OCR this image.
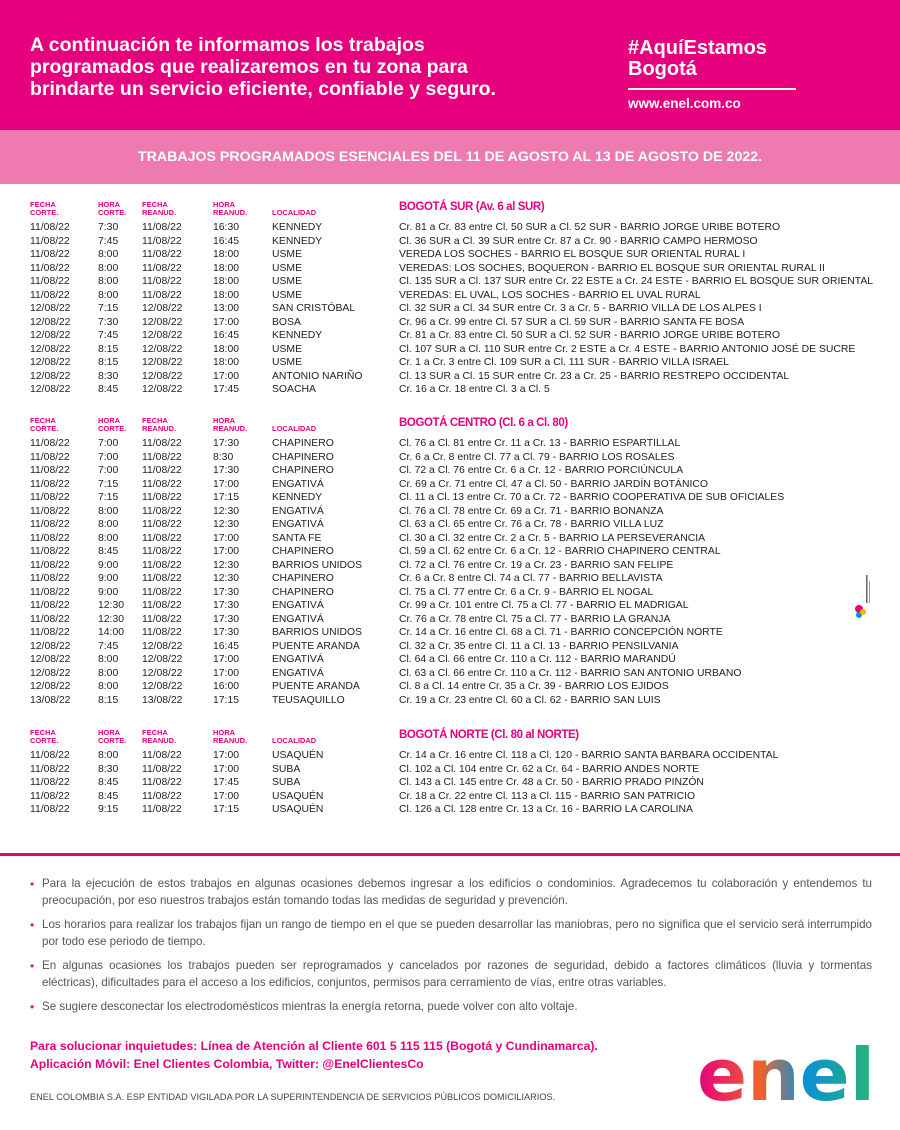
A continuación te informamos los trabajos
programados que realizaremos en tu zona para
brindarte un servicio eficiente, confiable y seguro.
#AquíEstamos
Bogotá
www.enel.com.co
TRABAJOS PROGRAMADOS ESENCIALES DEL 11 DE AGOSTO AL 13 DE AGOSTO DE 2022.
FECHA
CORTE.
HORA
CORTE.
FECHA
REANUD.
HORA
REANUD.	LOCALIDAD	BOGOTÁ SUR (Av. 6 al SUR)
11/08/22	7:30 11/08/22	16:30	KENNEDY	Cr. 81 a Cr. 83 entre Cl. 50 SUR a Cl. 52 SUR - BARRIO JORGE URIBE BOTERO
11/08/22	7:45 11/08/22	16:45	KENNEDY	Cl. 36 SUR a Cl. 39 SUR entre Cr. 87 a Cr. 90 - BARRIO CAMPO HERMOSO
11/08/22	8:00 11/08/22	18:00	USME	VEREDA LOS SOCHES - BARRIO EL BOSQUE SUR ORIENTAL RURAL I
11/08/22	8:00 11/08/22	18:00	USME	VEREDAS: LOS SOCHES, BOQUERON - BARRIO EL BOSQUE SUR ORIENTAL RURAL II
11/08/22	8:00 11/08/22	18:00	USME	Cl. 135 SUR a Cl. 137 SUR entre Cr. 22 ESTE a Cr. 24 ESTE - BARRIO EL BOSQUE SUR ORIENTAL
11/08/22	8:00 11/08/22	18:00	USME	VEREDAS: EL UVAL, LOS SOCHES - BARRIO EL UVAL RURAL
12/08/22	7:15 12/08/22	13:00	SAN CRISTÓBAL	Cl. 32 SUR a Cl. 34 SUR entre Cr. 3 a Cr. 5 - BARRIO VILLA DE LOS ALPES I
12/08/22	7:30 12/08/22	17:00	BOSA	Cr. 96 a Cr. 99 entre Cl. 57 SUR a Cl. 59 SUR - BARRIO SANTA FE BOSA
12/08/22	7:45 12/08/22	16:45	KENNEDY	Cr. 81 a Cr. 83 entre Cl. 50 SUR a Cl. 52 SUR - BARRIO JORGE URIBE BOTERO
12/08/22	8:15 12/08/22	18:00	USME	Cl. 107 SUR a Cl. 110 SUR entre Cr. 2 ESTE a Cr. 4 ESTE - BARRIO ANTONIO JOSÉ DE SUCRE
12/08/22	8:15 12/08/22	18:00	USME	Cr. 1 a Cr. 3 entre Cl. 109 SUR a Cl. 111 SUR - BARRIO VILLA ISRAEL
12/08/22	8:30 12/08/22	17:00	ANTONIO NARIÑO	Cl. 13 SUR a Cl. 15 SUR entre Cr. 23 a Cr. 25 - BARRIO RESTREPO OCCIDENTAL
12/08/22	8:45 12/08/22	17:45	SOACHA	Cr. 16 a Cr. 18 entre Cl. 3 a Cl. 5
FECHA
CORTE.
HORA
CORTE.
FECHA
REANUD.
HORA
REANUD.	LOCALIDAD	BOGOTÁ CENTRO (Cl. 6 a Cl. 80)
11/08/22	7:00 11/08/22	17:30	CHAPINERO	Cl. 76 a Cl. 81 entre Cr. 11 a Cr. 13 - BARRIO ESPARTILLAL
11/08/22	7:00 11/08/22	8:30	CHAPINERO	Cr. 6 a Cr. 8 entre Cl. 77 a Cl. 79 - BARRIO LOS ROSALES
11/08/22	7:00 11/08/22	17:30	CHAPINERO	Cl. 72 a Cl. 76 entre Cr. 6 a Cr. 12 - BARRIO PORCIÚNCULA
11/08/22	7:15 11/08/22	17:00	ENGATIVÁ	Cr. 69 a Cr. 71 entre Cl. 47 a Cl. 50 - BARRIO JARDÍN BOTÁNICO
11/08/22	7:15 11/08/22	17:15	KENNEDY	Cl. 11 a Cl. 13 entre Cr. 70 a Cr. 72 - BARRIO COOPERATIVA DE SUB OFICIALES
11/08/22	8:00 11/08/22	12:30	ENGATIVÁ	Cl. 76 a Cl. 78 entre Cr. 69 a Cr. 71 - BARRIO BONANZA
11/08/22	8:00 11/08/22	12:30	ENGATIVÁ	Cl. 63 a Cl. 65 entre Cr. 76 a Cr. 78 - BARRIO VILLA LUZ
11/08/22	8:00 11/08/22	17:00	SANTA FE	Cl. 30 a Cl. 32 entre Cr. 2 a Cr. 5 - BARRIO LA PERSEVERANCIA
11/08/22	8:45 11/08/22	17:00	CHAPINERO	Cl. 59 a Cl. 62 entre Cr. 6 a Cr. 12 - BARRIO CHAPINERO CENTRAL
11/08/22	9:00 11/08/22	12:30	BARRIOS UNIDOS	Cl. 72 a Cl. 76 entre Cr. 19 a Cr. 23 - BARRIO SAN FELIPE
11/08/22	9:00 11/08/22	12:30	CHAPINERO	Cr. 6 a Cr. 8 entre Cl. 74 a Cl. 77 - BARRIO BELLAVISTA
11/08/22	9:00 11/08/22	17:30	CHAPINERO	Cl. 75 a Cl. 77 entre Cr. 6 a Cr. 9 - BARRIO EL NOGAL
11/08/22	12:30 11/08/22	17:30	ENGATIVÁ	Cr. 99 a Cr. 101 entre Cl. 75 a Cl. 77 - BARRIO EL MADRIGAL
11/08/22	12:30 11/08/22	17:30	ENGATIVÁ	Cr. 76 a Cr. 78 entre Cl. 75 a Cl. 77 - BARRIO LA GRANJA
11/08/22	14:00 11/08/22	17:30	BARRIOS UNIDOS	Cr. 14 a Cr. 16 entre Cl. 68 a Cl. 71 - BARRIO CONCEPCIÓN NORTE
12/08/22	7:45 12/08/22	16:45	PUENTE ARANDA	Cl. 32 a Cr. 35 entre Cl. 11 a Cl. 13 - BARRIO PENSILVANIA
12/08/22	8:00 12/08/22	17:00	ENGATIVÁ	Cl. 64 a Cl. 66 entre Cr. 110 a Cr. 112 - BARRIO MARANDÚ
12/08/22	8:00 12/08/22	17:00	ENGATIVÁ	Cl. 63 a Cl. 66 entre Cr. 110 a Cr. 112 - BARRIO SAN ANTONIO URBANO
12/08/22	8:00 12/08/22	16:00	PUENTE ARANDA	Cl. 8 a Cl. 14 entre Cr. 35 a Cr. 39 - BARRIO LOS EJIDOS
13/08/22	8:15 13/08/22	17:15	TEUSAQUILLO	Cr. 19 a Cr. 23 entre Cl. 60 a Cl. 62 - BARRIO SAN LUIS
FECHA
CORTE.
HORA
CORTE.
FECHA
REANUD.
HORA
REANUD.	LOCALIDAD	BOGOTÁ NORTE (Cl. 80 al NORTE)
11/08/22	8:00 11/08/22	17:00	USAQUÉN	Cr. 14 a Cr. 16 entre Cl. 118 a Cl. 120 - BARRIO SANTA BARBARA OCCIDENTAL
11/08/22	8:30 11/08/22	17:00	SUBA	Cl. 102 a Cl. 104 entre Cr. 62 a Cr. 64 - BARRIO ANDES NORTE
11/08/22	8:45 11/08/22	17:45	SUBA	Cl. 143 a Cl. 145 entre Cr. 48 a Cr. 50 - BARRIO PRADO PINZÓN
11/08/22	8:45 11/08/22	17:00	USAQUÉN	Cr. 18 a Cr. 22 entre Cl. 113 a Cl. 115 - BARRIO SAN PATRICIO
11/08/22	9:15 11/08/22	17:15	USAQUÉN	Cl. 126 a Cl. 128 entre Cr. 13 a Cr. 16 - BARRIO LA CAROLINA
• Para la ejecución de estos trabajos en algunas ocasiones debemos ingresar a los edificios o condominios. Agradecemos tu colaboración y entendemos tu preocupación, por eso nuestros trabajos están tomando todas las medidas de seguridad y prevención.
• Los horarios para realizar los trabajos fijan un rango de tiempo en el que se pueden desarrollar las maniobras, pero no significa que el servicio será interrumpido por todo ese periodo de tiempo.
• En algunas ocasiones los trabajos pueden ser reprogramados y cancelados por razones de seguridad, debido a factores climáticos (lluvia y tormentas eléctricas), dificultades para el acceso a los edificios, conjuntos, permisos para cerramiento de vías, entre otras variables.
• Se sugiere desconectar los electrodomésticos mientras la energía retorna, puede volver con alto voltaje.
Para solucionar inquietudes: Línea de Atención al Cliente 601 5 115 115 (Bogotá y Cundinamarca).
Aplicación Móvil: Enel Clientes Colombia, Twitter: @EnelClientesCo
ENEL COLOMBIA S.A. ESP ENTIDAD VIGILADA POR LA SUPERINTENDENCIA DE SERVICIOS PÚBLICOS DOMICILIARIOS. enel
